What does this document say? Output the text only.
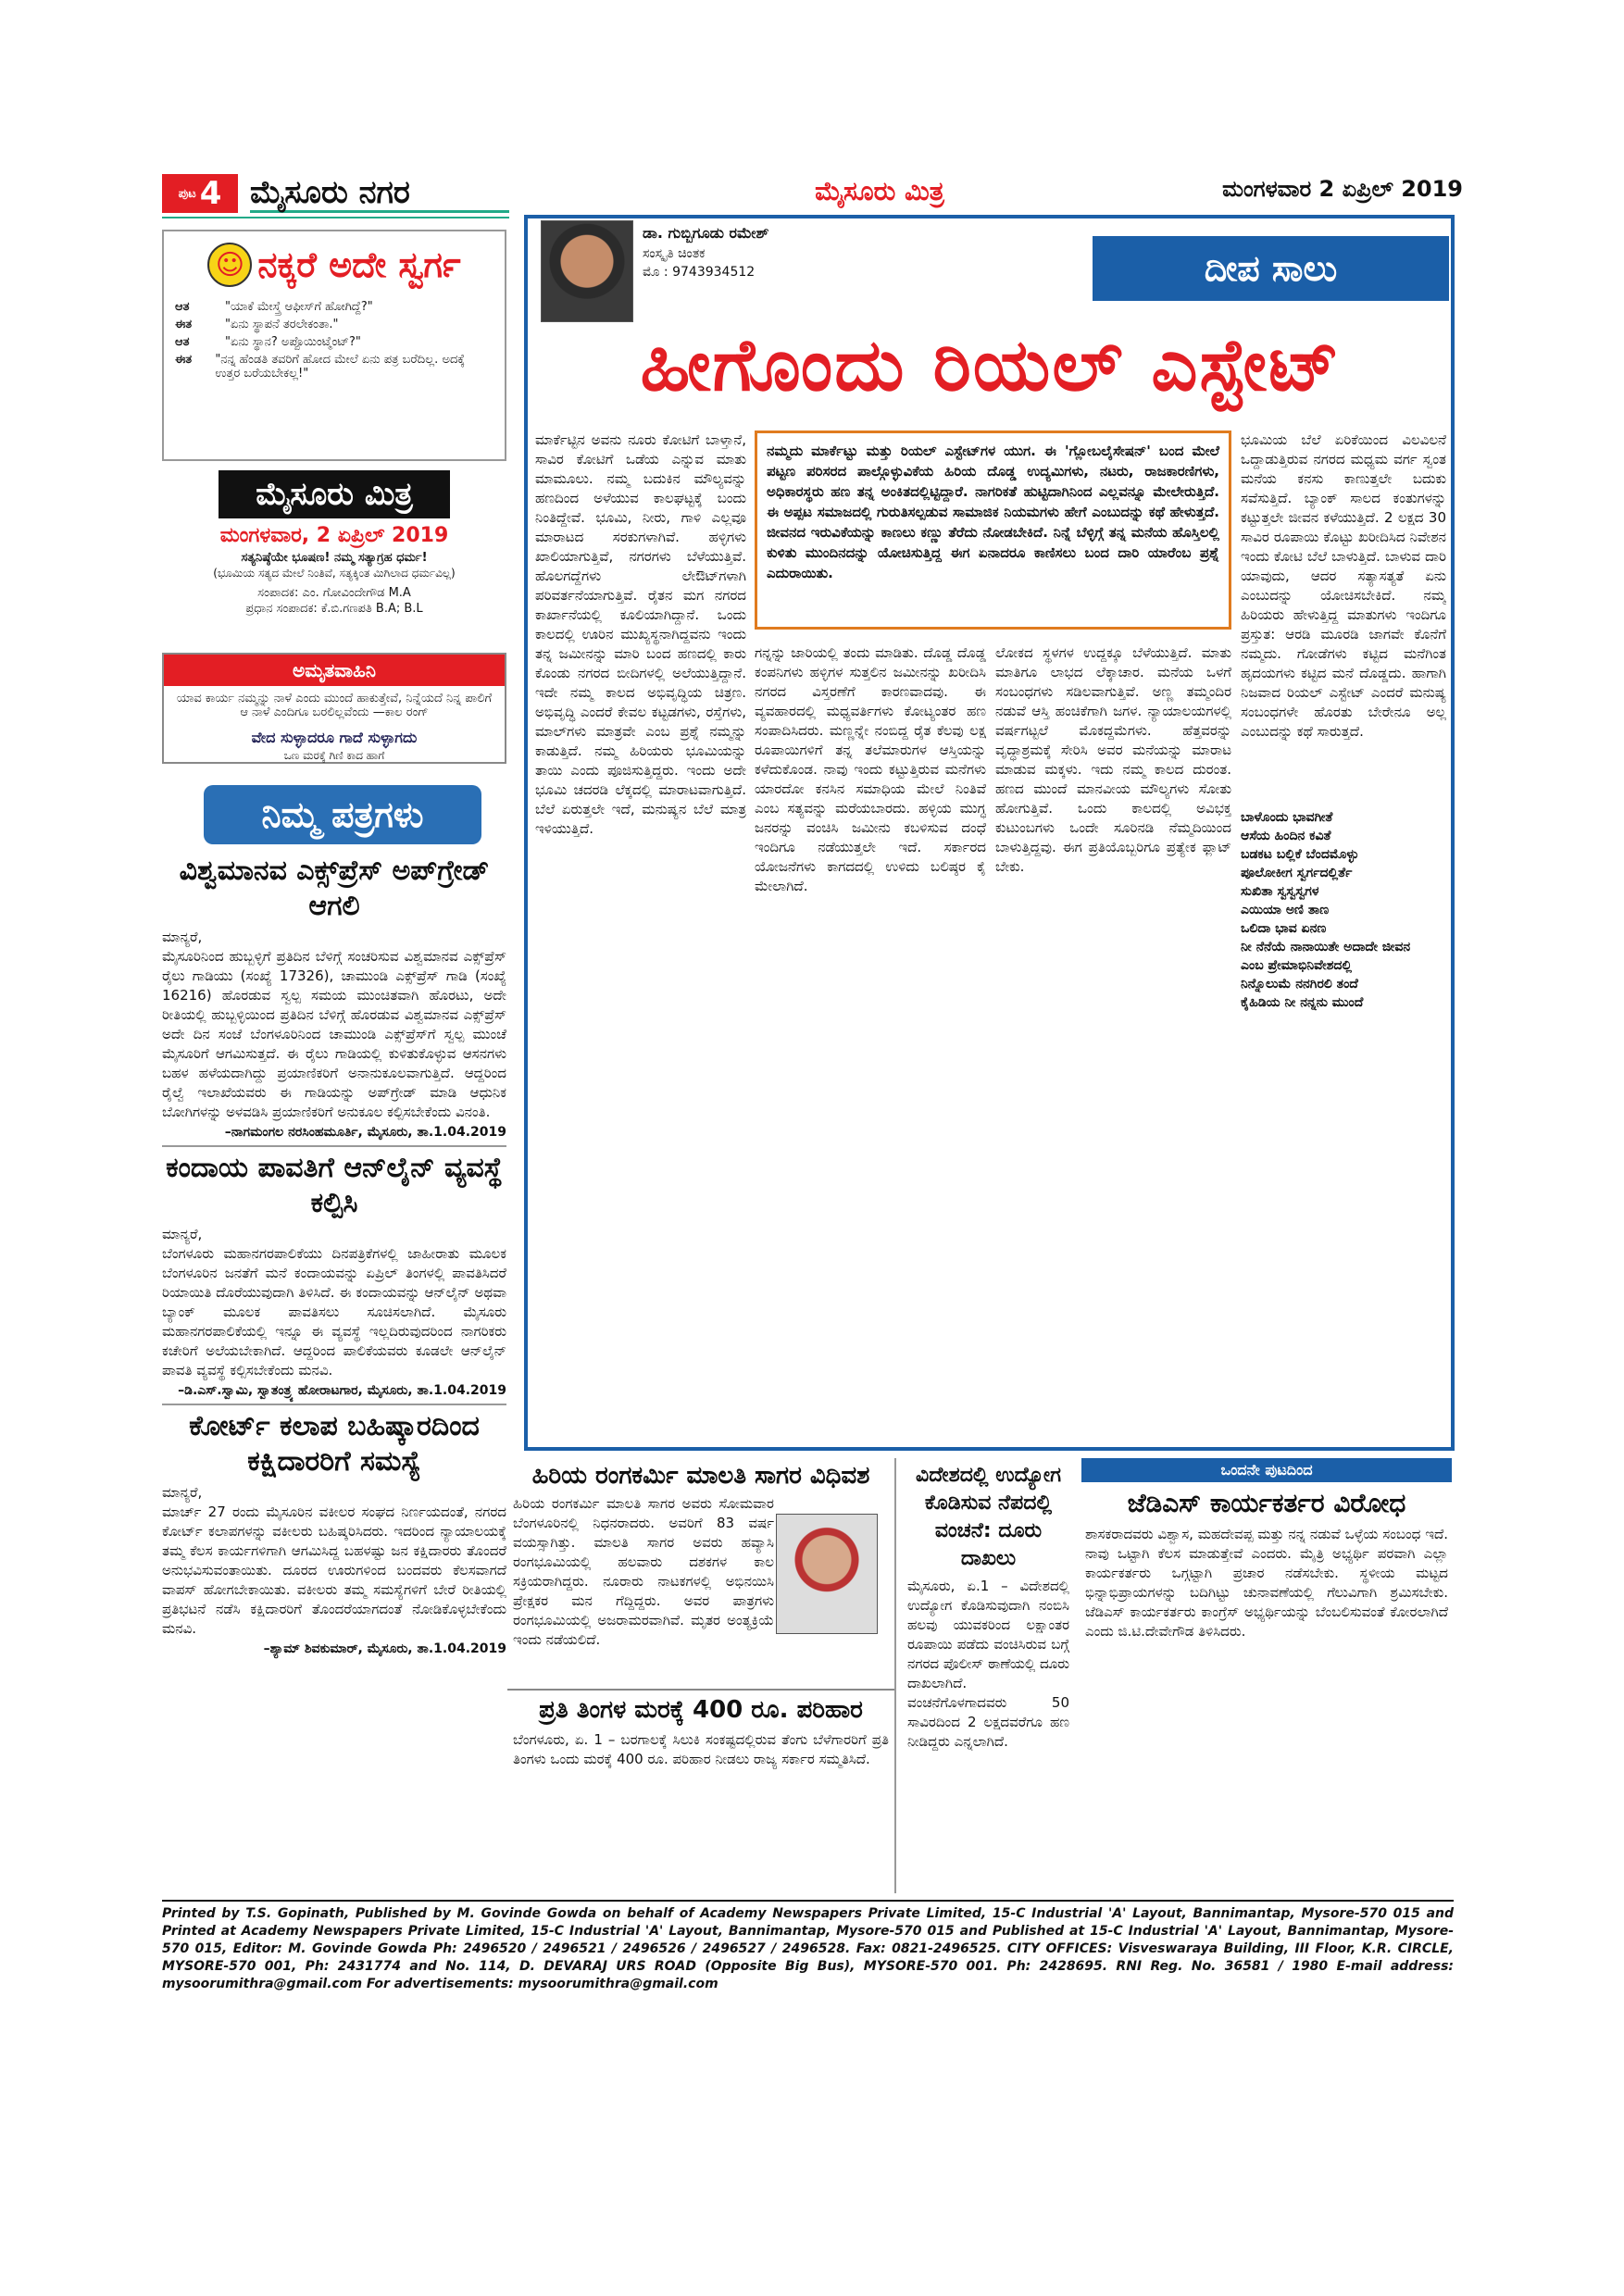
ಪುಟ 4 ಮೈಸೂರು ನಗರ	ಮೈಸೂರು ಮಿತ್ರ	ಮಂಗಳವಾರ 2 ಏಪ್ರಿಲ್ 2019
☺ ನಕ್ಕರೆ ಅದೇ ಸ್ವರ್ಗ
ಆತ	"ಯಾಕೆ ಮೇಸ್ತ್ರೆ ಆಫೀಸ್‌ಗೆ ಹೋಗಿದ್ದೆ?"
ಈತ	"ಏನು ಸ್ಥಾಪನೆ ತರಲೇಕಂತಾ."
ಆತ	"ಏನು ಸ್ಥಾನ? ಅಪ್ಪೊಯಿಂಟ್ಮೆಂಟ್?"
ಈತ	"ನನ್ನ ಹೆಂಡತಿ ತವರಿಗೆ ಹೋದ ಮೇಲೆ ಏನು ಪತ್ರ ಬರೆದಿಲ್ಲ. ಅದಕ್ಕೆ ಉತ್ತರ ಬರೆಯಬೇಕಲ್ಲ!"
ಮೈಸೂರು ಮಿತ್ರ
ಮಂಗಳವಾರ, 2 ಏಪ್ರಿಲ್ 2019
ಸತ್ಯನಿಷ್ಠೆಯೇ ಭೂಷಣ! ನಮ್ಮ ಸತ್ಯಾಗ್ರಹ ಧರ್ಮ!
(ಭೂಮಿಯ ಸತ್ಯದ ಮೇಲೆ ನಿಂತಿವೆ, ಸತ್ಯಕ್ಕಿಂತ ಮಿಗಿಲಾದ ಧರ್ಮವಿಲ್ಲ)
ಸಂಪಾದಕ: ಎಂ. ಗೋವಿಂದೇಗೌಡ M.A
ಪ್ರಧಾನ ಸಂಪಾದಕ: ಕೆ.ಬಿ.ಗಣಪತಿ B.A; B.L
ಅಮೃತವಾಹಿನಿ
ಯಾವ ಕಾರ್ಯ ನಮ್ಮನ್ನು ನಾಳೆ ಎಂದು ಮುಂದೆ ಹಾಕುತ್ತೇವೆ, ನಿನ್ನೆಯದೆ ನಿನ್ನ ಪಾಲಿಗೆ ಆ ನಾಳೆ ಎಂದಿಗೂ ಬರಲಿಲ್ಲವೆಂದು —ಕಾಲ ರಂಗ್
ವೇದ ಸುಳ್ಳಾದರೂ ಗಾದೆ ಸುಳ್ಳಾಗದು
ಒಣ ಮರಕ್ಕೆ ಗಿಣಿ ಕಾದ ಹಾಗೆ
ನಿಮ್ಮ ಪತ್ರಗಳು
ವಿಶ್ವಮಾನವ ಎಕ್ಸ್‌ಪ್ರೆಸ್ ಅಪ್‌ಗ್ರೇಡ್ ಆಗಲಿ
ಮಾನ್ಯರೆ,
ಮೈಸೂರಿನಿಂದ ಹುಬ್ಬಳ್ಳಿಗೆ ಪ್ರತಿದಿನ ಬೆಳಿಗ್ಗೆ ಸಂಚರಿಸುವ ವಿಶ್ವಮಾನವ ಎಕ್ಸ್‌ಪ್ರೆಸ್ ರೈಲು ಗಾಡಿಯು (ಸಂಖ್ಯೆ 17326), ಚಾಮುಂಡಿ ಎಕ್ಸ್‌ಪ್ರೆಸ್ ಗಾಡಿ (ಸಂಖ್ಯೆ 16216) ಹೊರಡುವ ಸ್ವಲ್ಪ ಸಮಯ ಮುಂಚಿತವಾಗಿ ಹೊರಟು, ಅದೇ ರೀತಿಯಲ್ಲಿ ಹುಬ್ಬಳ್ಳಿಯಿಂದ ಪ್ರತಿದಿನ ಬೆಳಿಗ್ಗೆ ಹೊರಡುವ ವಿಶ್ವಮಾನವ ಎಕ್ಸ್‌ಪ್ರೆಸ್ ಅದೇ ದಿನ ಸಂಜೆ ಬೆಂಗಳೂರಿನಿಂದ ಚಾಮುಂಡಿ ಎಕ್ಸ್‌ಪ್ರೆಸ್‌ಗೆ ಸ್ವಲ್ಪ ಮುಂಚೆ ಮೈಸೂರಿಗೆ ಆಗಮಿಸುತ್ತದೆ. ಈ ರೈಲು ಗಾಡಿಯಲ್ಲಿ ಕುಳಿತುಕೊಳ್ಳುವ ಆಸನಗಳು ಬಹಳ ಹಳೆಯದಾಗಿದ್ದು ಪ್ರಯಾಣಿಕರಿಗೆ ಅನಾನುಕೂಲವಾಗುತ್ತಿದೆ. ಆದ್ದರಿಂದ ರೈಲ್ವೆ ಇಲಾಖೆಯವರು ಈ ಗಾಡಿಯನ್ನು ಅಪ್‌ಗ್ರೇಡ್ ಮಾಡಿ ಆಧುನಿಕ ಬೋಗಿಗಳನ್ನು ಅಳವಡಿಸಿ ಪ್ರಯಾಣಿಕರಿಗೆ ಅನುಕೂಲ ಕಲ್ಪಿಸಬೇಕೆಂದು ವಿನಂತಿ.
–ನಾಗಮಂಗಲ ನರಸಿಂಹಮೂರ್ತಿ, ಮೈಸೂರು, ತಾ.1.04.2019
ಕಂದಾಯ ಪಾವತಿಗೆ ಆನ್‌ಲೈನ್ ವ್ಯವಸ್ಥೆ ಕಲ್ಪಿಸಿ
ಮಾನ್ಯರೆ,
ಬೆಂಗಳೂರು ಮಹಾನಗರಪಾಲಿಕೆಯು ದಿನಪತ್ರಿಕೆಗಳಲ್ಲಿ ಜಾಹೀರಾತು ಮೂಲಕ ಬೆಂಗಳೂರಿನ ಜನತೆಗೆ ಮನೆ ಕಂದಾಯವನ್ನು ಏಪ್ರಿಲ್ ತಿಂಗಳಲ್ಲಿ ಪಾವತಿಸಿದರೆ ರಿಯಾಯಿತಿ ದೊರೆಯುವುದಾಗಿ ತಿಳಿಸಿದೆ. ಈ ಕಂದಾಯವನ್ನು ಆನ್‌ಲೈನ್ ಅಥವಾ ಬ್ಯಾಂಕ್ ಮೂಲಕ ಪಾವತಿಸಲು ಸೂಚಿಸಲಾಗಿದೆ. ಮೈಸೂರು ಮಹಾನಗರಪಾಲಿಕೆಯಲ್ಲಿ ಇನ್ನೂ ಈ ವ್ಯವಸ್ಥೆ ಇಲ್ಲದಿರುವುದರಿಂದ ನಾಗರಿಕರು ಕಚೇರಿಗೆ ಅಲೆಯಬೇಕಾಗಿದೆ. ಆದ್ದರಿಂದ ಪಾಲಿಕೆಯವರು ಕೂಡಲೇ ಆನ್‌ಲೈನ್ ಪಾವತಿ ವ್ಯವಸ್ಥೆ ಕಲ್ಪಿಸಬೇಕೆಂದು ಮನವಿ.
–ಡಿ.ಎಸ್.ಸ್ವಾಮಿ, ಸ್ವಾತಂತ್ರ್ಯ ಹೋರಾಟಗಾರ, ಮೈಸೂರು, ತಾ.1.04.2019
ಕೋರ್ಟ್ ಕಲಾಪ ಬಹಿಷ್ಕಾರದಿಂದ ಕಕ್ಷಿದಾರರಿಗೆ ಸಮಸ್ಯೆ
ಮಾನ್ಯರೆ,
ಮಾರ್ಚ್ 27 ರಂದು ಮೈಸೂರಿನ ವಕೀಲರ ಸಂಘದ ನಿರ್ಣಯದಂತೆ, ನಗರದ ಕೋರ್ಟ್ ಕಲಾಪಗಳನ್ನು ವಕೀಲರು ಬಹಿಷ್ಕರಿಸಿದರು. ಇದರಿಂದ ನ್ಯಾಯಾಲಯಕ್ಕೆ ತಮ್ಮ ಕೆಲಸ ಕಾರ್ಯಗಳಿಗಾಗಿ ಆಗಮಿಸಿದ್ದ ಬಹಳಷ್ಟು ಜನ ಕಕ್ಷಿದಾರರು ತೊಂದರೆ ಅನುಭವಿಸುವಂತಾಯಿತು. ದೂರದ ಊರುಗಳಿಂದ ಬಂದವರು ಕೆಲಸವಾಗದೆ ವಾಪಸ್ ಹೋಗಬೇಕಾಯಿತು. ವಕೀಲರು ತಮ್ಮ ಸಮಸ್ಯೆಗಳಿಗೆ ಬೇರೆ ರೀತಿಯಲ್ಲಿ ಪ್ರತಿಭಟನೆ ನಡೆಸಿ ಕಕ್ಷಿದಾರರಿಗೆ ತೊಂದರೆಯಾಗದಂತೆ ನೋಡಿಕೊಳ್ಳಬೇಕೆಂದು ಮನವಿ.
–ಶ್ಯಾಮ್ ಶಿವಕುಮಾರ್, ಮೈಸೂರು, ತಾ.1.04.2019
ಡಾ. ಗುಬ್ಬಿಗೂಡು ರಮೇಶ್
ಸಂಸ್ಕೃತಿ ಚಿಂತಕ
ಮೊ : 9743934512	ದೀಪ ಸಾಲು
ಹೀಗೊಂದು ರಿಯಲ್ ಎಸ್ಟೇಟ್
ಮಾರ್ಕೆಟ್ಟಿನ ಅವನು ನೂರು ಕೋಟಿಗೆ ಬಾಳ್ತಾನೆ, ಸಾವಿರ ಕೋಟಿಗೆ ಒಡೆಯ ಎನ್ನುವ ಮಾತು ಮಾಮೂಲು. ನಮ್ಮ ಬದುಕಿನ ಮೌಲ್ಯವನ್ನು ಹಣದಿಂದ ಅಳೆಯುವ ಕಾಲಘಟ್ಟಕ್ಕೆ ಬಂದು ನಿಂತಿದ್ದೇವೆ. ಭೂಮಿ, ನೀರು, ಗಾಳಿ ಎಲ್ಲವೂ ಮಾರಾಟದ ಸರಕುಗಳಾಗಿವೆ. ಹಳ್ಳಿಗಳು ಖಾಲಿಯಾಗುತ್ತಿವೆ, ನಗರಗಳು ಬೆಳೆಯುತ್ತಿವೆ. ಹೊಲಗದ್ದೆಗಳು ಲೇಔಟ್‌ಗಳಾಗಿ ಪರಿವರ್ತನೆಯಾಗುತ್ತಿವೆ. ರೈತನ ಮಗ ನಗರದ ಕಾರ್ಖಾನೆಯಲ್ಲಿ ಕೂಲಿಯಾಗಿದ್ದಾನೆ. ಒಂದು ಕಾಲದಲ್ಲಿ ಊರಿನ ಮುಖ್ಯಸ್ಥನಾಗಿದ್ದವನು ಇಂದು ತನ್ನ ಜಮೀನನ್ನು ಮಾರಿ ಬಂದ ಹಣದಲ್ಲಿ ಕಾರು ಕೊಂಡು ನಗರದ ಬೀದಿಗಳಲ್ಲಿ ಅಲೆಯುತ್ತಿದ್ದಾನೆ. ಇದೇ ನಮ್ಮ ಕಾಲದ ಅಭಿವೃದ್ಧಿಯ ಚಿತ್ರಣ. ಅಭಿವೃದ್ಧಿ ಎಂದರೆ ಕೇವಲ ಕಟ್ಟಡಗಳು, ರಸ್ತೆಗಳು, ಮಾಲ್‌ಗಳು ಮಾತ್ರವೇ ಎಂಬ ಪ್ರಶ್ನೆ ನಮ್ಮನ್ನು ಕಾಡುತ್ತಿದೆ. ನಮ್ಮ ಹಿರಿಯರು ಭೂಮಿಯನ್ನು ತಾಯಿ ಎಂದು ಪೂಜಿಸುತ್ತಿದ್ದರು. ಇಂದು ಅದೇ ಭೂಮಿ ಚದರಡಿ ಲೆಕ್ಕದಲ್ಲಿ ಮಾರಾಟವಾಗುತ್ತಿದೆ. ಬೆಲೆ ಏರುತ್ತಲೇ ಇದೆ, ಮನುಷ್ಯನ ಬೆಲೆ ಮಾತ್ರ ಇಳಿಯುತ್ತಿದೆ.
ನಮ್ಮದು ಮಾರ್ಕೆಟ್ಟು ಮತ್ತು ರಿಯಲ್ ಎಸ್ಟೇಟ್‌ಗಳ ಯುಗ. ಈ 'ಗ್ಲೋಬಲೈಸೇಷನ್' ಬಂದ ಮೇಲೆ ಪಟ್ಟಣ ಪರಿಸರದ ಪಾಲ್ಗೊಳ್ಳುವಿಕೆಯ ಹಿರಿಯ ದೊಡ್ಡ ಉದ್ಯಮಿಗಳು, ನಟರು, ರಾಜಕಾರಣಿಗಳು, ಅಧಿಕಾರಸ್ಥರು ಹಣ ತನ್ನ ಅಂಕಿತದಲ್ಲಿಟ್ಟಿದ್ದಾರೆ. ನಾಗರಿಕತೆ ಹುಟ್ಟಿದಾಗಿನಿಂದ ಎಲ್ಲವನ್ನೂ ಮೇಲೇರುತ್ತಿದೆ. ಈ ಅಪ್ಪಟ ಸಮಾಜದಲ್ಲಿ ಗುರುತಿಸಲ್ಪಡುವ ಸಾಮಾಜಿಕ ನಿಯಮಗಳು ಹೇಗೆ ಎಂಬುದನ್ನು ಕಥೆ ಹೇಳುತ್ತದೆ. ಜೀವನದ ಇರುವಿಕೆಯನ್ನು ಕಾಣಲು ಕಣ್ಣು ತೆರೆದು ನೋಡಬೇಕಿದೆ. ನಿನ್ನೆ ಬೆಳ್ಳಿಗ್ಗೆ ತನ್ನ ಮನೆಯ ಹೊಸ್ತಿಲಲ್ಲಿ ಕುಳಿತು ಮುಂದಿನದನ್ನು ಯೋಚಿಸುತ್ತಿದ್ದ ಈಗ ಏನಾದರೂ ಕಾಣಿಸಲು ಬಂದ ದಾರಿ ಯಾರೆಂಬ ಪ್ರಶ್ನೆ ಎದುರಾಯಿತು.
ಗನ್ನನ್ನು ಜಾರಿಯಲ್ಲಿ ತಂದು ಮಾಡಿತು. ದೊಡ್ಡ ದೊಡ್ಡ ಕಂಪನಿಗಳು ಹಳ್ಳಿಗಳ ಸುತ್ತಲಿನ ಜಮೀನನ್ನು ಖರೀದಿಸಿ ನಗರದ ವಿಸ್ತರಣೆಗೆ ಕಾರಣವಾದವು. ಈ ವ್ಯವಹಾರದಲ್ಲಿ ಮಧ್ಯವರ್ತಿಗಳು ಕೋಟ್ಯಂತರ ಹಣ ಸಂಪಾದಿಸಿದರು. ಮಣ್ಣನ್ನೇ ನಂಬಿದ್ದ ರೈತ ಕೆಲವು ಲಕ್ಷ ರೂಪಾಯಿಗಳಿಗೆ ತನ್ನ ತಲೆಮಾರುಗಳ ಆಸ್ತಿಯನ್ನು ಕಳೆದುಕೊಂಡ. ನಾವು ಇಂದು ಕಟ್ಟುತ್ತಿರುವ ಮನೆಗಳು ಯಾರದೋ ಕನಸಿನ ಸಮಾಧಿಯ ಮೇಲೆ ನಿಂತಿವೆ ಎಂಬ ಸತ್ಯವನ್ನು ಮರೆಯಬಾರದು. ಹಳ್ಳಿಯ ಮುಗ್ಧ ಜನರನ್ನು ವಂಚಿಸಿ ಜಮೀನು ಕಬಳಿಸುವ ದಂಧೆ ಇಂದಿಗೂ ನಡೆಯುತ್ತಲೇ ಇದೆ. ಸರ್ಕಾರದ ಯೋಜನೆಗಳು ಕಾಗದದಲ್ಲಿ ಉಳಿದು ಬಲಿಷ್ಠರ ಕೈ ಮೇಲಾಗಿದೆ.
ಲೋಕದ ಸ್ಥಳಗಳ ಉದ್ದಕ್ಕೂ ಬೆಳೆಯುತ್ತಿದೆ. ಮಾತು ಮಾತಿಗೂ ಲಾಭದ ಲೆಕ್ಕಾಚಾರ. ಮನೆಯ ಒಳಗೆ ಸಂಬಂಧಗಳು ಸಡಿಲವಾಗುತ್ತಿವೆ. ಅಣ್ಣ ತಮ್ಮಂದಿರ ನಡುವೆ ಆಸ್ತಿ ಹಂಚಿಕೆಗಾಗಿ ಜಗಳ. ನ್ಯಾಯಾಲಯಗಳಲ್ಲಿ ವರ್ಷಗಟ್ಟಲೆ ಮೊಕದ್ದಮೆಗಳು. ಹೆತ್ತವರನ್ನು ವೃದ್ಧಾಶ್ರಮಕ್ಕೆ ಸೇರಿಸಿ ಅವರ ಮನೆಯನ್ನು ಮಾರಾಟ ಮಾಡುವ ಮಕ್ಕಳು. ಇದು ನಮ್ಮ ಕಾಲದ ದುರಂತ. ಹಣದ ಮುಂದೆ ಮಾನವೀಯ ಮೌಲ್ಯಗಳು ಸೋತು ಹೋಗುತ್ತಿವೆ. ಒಂದು ಕಾಲದಲ್ಲಿ ಅವಿಭಕ್ತ ಕುಟುಂಬಗಳು ಒಂದೇ ಸೂರಿನಡಿ ನೆಮ್ಮದಿಯಿಂದ ಬಾಳುತ್ತಿದ್ದವು. ಈಗ ಪ್ರತಿಯೊಬ್ಬರಿಗೂ ಪ್ರತ್ಯೇಕ ಫ್ಲಾಟ್ ಬೇಕು.
ಭೂಮಿಯ ಬೆಲೆ ಏರಿಕೆಯಿಂದ ವಿಲವಿಲನೆ ಒದ್ದಾಡುತ್ತಿರುವ ನಗರದ ಮಧ್ಯಮ ವರ್ಗ ಸ್ವಂತ ಮನೆಯ ಕನಸು ಕಾಣುತ್ತಲೇ ಬದುಕು ಸವೆಸುತ್ತಿದೆ. ಬ್ಯಾಂಕ್ ಸಾಲದ ಕಂತುಗಳನ್ನು ಕಟ್ಟುತ್ತಲೇ ಜೀವನ ಕಳೆಯುತ್ತಿದೆ. 2 ಲಕ್ಷದ 30 ಸಾವಿರ ರೂಪಾಯಿ ಕೊಟ್ಟು ಖರೀದಿಸಿದ ನಿವೇಶನ ಇಂದು ಕೋಟಿ ಬೆಲೆ ಬಾಳುತ್ತಿದೆ. ಬಾಳುವ ದಾರಿ ಯಾವುದು, ಆದರ ಸತ್ಯಾಸತ್ಯತೆ ಏನು ಎಂಬುದನ್ನು ಯೋಚಿಸಬೇಕಿದೆ. ನಮ್ಮ ಹಿರಿಯರು ಹೇಳುತ್ತಿದ್ದ ಮಾತುಗಳು ಇಂದಿಗೂ ಪ್ರಸ್ತುತ: ಆರಡಿ ಮೂರಡಿ ಜಾಗವೇ ಕೊನೆಗೆ ನಮ್ಮದು. ಗೋಡೆಗಳು ಕಟ್ಟಿದ ಮನೆಗಿಂತ ಹೃದಯಗಳು ಕಟ್ಟಿದ ಮನೆ ದೊಡ್ಡದು. ಹಾಗಾಗಿ ನಿಜವಾದ ರಿಯಲ್ ಎಸ್ಟೇಟ್ ಎಂದರೆ ಮನುಷ್ಯ ಸಂಬಂಧಗಳೇ ಹೊರತು ಬೇರೇನೂ ಅಲ್ಲ ಎಂಬುದನ್ನು ಕಥೆ ಸಾರುತ್ತದೆ.
ಬಾಳೊಂದು ಭಾವಗೀತೆ
ಆಸೆಯ ಹಿಂದಿನ ಕವಿತೆ
ಬಡಕಟ ಬಲ್ಲಿಕೆ ಬೆಂದಮೊಳ್ಳು
ಪೂಲೋಕೀಗ ಸ್ವರ್ಗದಲ್ಲಿರ್ತೆ
ಸುಖಿತಾ ಸ್ವಸ್ವಸ್ವಗಳ
ಎಯಿಯಾ ಅಣಿ ತಾಣ
ಒಲಿದಾ ಭಾವ ಏನಣ
ನೀ ನೆನೆಯೆ ನಾನಾಯಿತೇ ಅದಾದೇ ಜೀವನ
ಎಂಬ ಪ್ರೇಮಾಭಿನಿವೇಶದಲ್ಲಿ
ನಿನ್ನೊಲುಮೆ ನನಗಿರಲಿ ತಂದೆ
ಕೈಹಿಡಿಯ ನೀ ನನ್ನನು ಮುಂದೆ
ಹಿರಿಯ ರಂಗಕರ್ಮಿ ಮಾಲತಿ ಸಾಗರ ವಿಧಿವಶ
ಹಿರಿಯ ರಂಗಕರ್ಮಿ ಮಾಲತಿ ಸಾಗರ ಅವರು ಸೋಮವಾರ ಬೆಂಗಳೂರಿನಲ್ಲಿ ನಿಧನರಾದರು. ಅವರಿಗೆ 83 ವರ್ಷ ವಯಸ್ಸಾಗಿತ್ತು. ಮಾಲತಿ ಸಾಗರ ಅವರು ಹವ್ಯಾಸಿ ರಂಗಭೂಮಿಯಲ್ಲಿ ಹಲವಾರು ದಶಕಗಳ ಕಾಲ ಸಕ್ರಿಯರಾಗಿದ್ದರು. ನೂರಾರು ನಾಟಕಗಳಲ್ಲಿ ಅಭಿನಯಿಸಿ ಪ್ರೇಕ್ಷಕರ ಮನ ಗೆದ್ದಿದ್ದರು. ಅವರ ಪಾತ್ರಗಳು ರಂಗಭೂಮಿಯಲ್ಲಿ ಅಜರಾಮರವಾಗಿವೆ. ಮೃತರ ಅಂತ್ಯಕ್ರಿಯೆ ಇಂದು ನಡೆಯಲಿದೆ.
ಪ್ರತಿ ತಿಂಗಳ ಮರಕ್ಕೆ 400 ರೂ. ಪರಿಹಾರ
ಬೆಂಗಳೂರು, ಏ. 1 – ಬರಗಾಲಕ್ಕೆ ಸಿಲುಕಿ ಸಂಕಷ್ಟದಲ್ಲಿರುವ ತೆಂಗು ಬೆಳೆಗಾರರಿಗೆ ಪ್ರತಿ ತಿಂಗಳು ಒಂದು ಮರಕ್ಕೆ 400 ರೂ. ಪರಿಹಾರ ನೀಡಲು ರಾಜ್ಯ ಸರ್ಕಾರ ಸಮ್ಮತಿಸಿದೆ.
ವಿದೇಶದಲ್ಲಿ ಉದ್ಯೋಗ ಕೊಡಿಸುವ ನೆಪದಲ್ಲಿ ವಂಚನೆ: ದೂರು ದಾಖಲು
ಮೈಸೂರು, ಏ.1 – ವಿದೇಶದಲ್ಲಿ ಉದ್ಯೋಗ ಕೊಡಿಸುವುದಾಗಿ ನಂಬಿಸಿ ಹಲವು ಯುವಕರಿಂದ ಲಕ್ಷಾಂತರ ರೂಪಾಯಿ ಪಡೆದು ವಂಚಿಸಿರುವ ಬಗ್ಗೆ ನಗರದ ಪೊಲೀಸ್ ಠಾಣೆಯಲ್ಲಿ ದೂರು ದಾಖಲಾಗಿದೆ. ವಂಚನೆಗೊಳಗಾದವರು 50 ಸಾವಿರದಿಂದ 2 ಲಕ್ಷದವರೆಗೂ ಹಣ ನೀಡಿದ್ದರು ಎನ್ನಲಾಗಿದೆ.
ಒಂದನೇ ಪುಟದಿಂದ
ಜೆಡಿಎಸ್ ಕಾರ್ಯಕರ್ತರ ವಿರೋಧ
ಶಾಸಕರಾದವರು ವಿಶ್ವಾಸ, ಮಹದೇವಪ್ಪ ಮತ್ತು ನನ್ನ ನಡುವೆ ಒಳ್ಳೆಯ ಸಂಬಂಧ ಇದೆ. ನಾವು ಒಟ್ಟಾಗಿ ಕೆಲಸ ಮಾಡುತ್ತೇವೆ ಎಂದರು. ಮೈತ್ರಿ ಅಭ್ಯರ್ಥಿ ಪರವಾಗಿ ಎಲ್ಲಾ ಕಾರ್ಯಕರ್ತರು ಒಗ್ಗಟ್ಟಾಗಿ ಪ್ರಚಾರ ನಡೆಸಬೇಕು. ಸ್ಥಳೀಯ ಮಟ್ಟದ ಭಿನ್ನಾಭಿಪ್ರಾಯಗಳನ್ನು ಬದಿಗಿಟ್ಟು ಚುನಾವಣೆಯಲ್ಲಿ ಗೆಲುವಿಗಾಗಿ ಶ್ರಮಿಸಬೇಕು. ಜೆಡಿಎಸ್ ಕಾರ್ಯಕರ್ತರು ಕಾಂಗ್ರೆಸ್ ಅಭ್ಯರ್ಥಿಯನ್ನು ಬೆಂಬಲಿಸುವಂತೆ ಕೋರಲಾಗಿದೆ ಎಂದು ಜಿ.ಟಿ.ದೇವೇಗೌಡ ತಿಳಿಸಿದರು.
Printed by T.S. Gopinath, Published by M. Govinde Gowda on behalf of Academy Newspapers Private Limited, 15-C Industrial 'A' Layout, Bannimantap, Mysore-570 015 and Printed at Academy Newspapers Private Limited, 15-C Industrial 'A' Layout, Bannimantap, Mysore-570 015 and Published at 15-C Industrial 'A' Layout, Bannimantap, Mysore-570 015, Editor: M. Govinde Gowda Ph: 2496520 / 2496521 / 2496526 / 2496527 / 2496528. Fax: 0821-2496525. CITY OFFICES: Visveswaraya Building, III Floor, K.R. CIRCLE, MYSORE-570 001, Ph: 2431774 and No. 114, D. DEVARAJ URS ROAD (Opposite Big Bus), MYSORE-570 001. Ph: 2428695. RNI Reg. No. 36581 / 1980 E-mail address: mysoorumithra@gmail.com For advertisements: mysoorumithra@gmail.com
